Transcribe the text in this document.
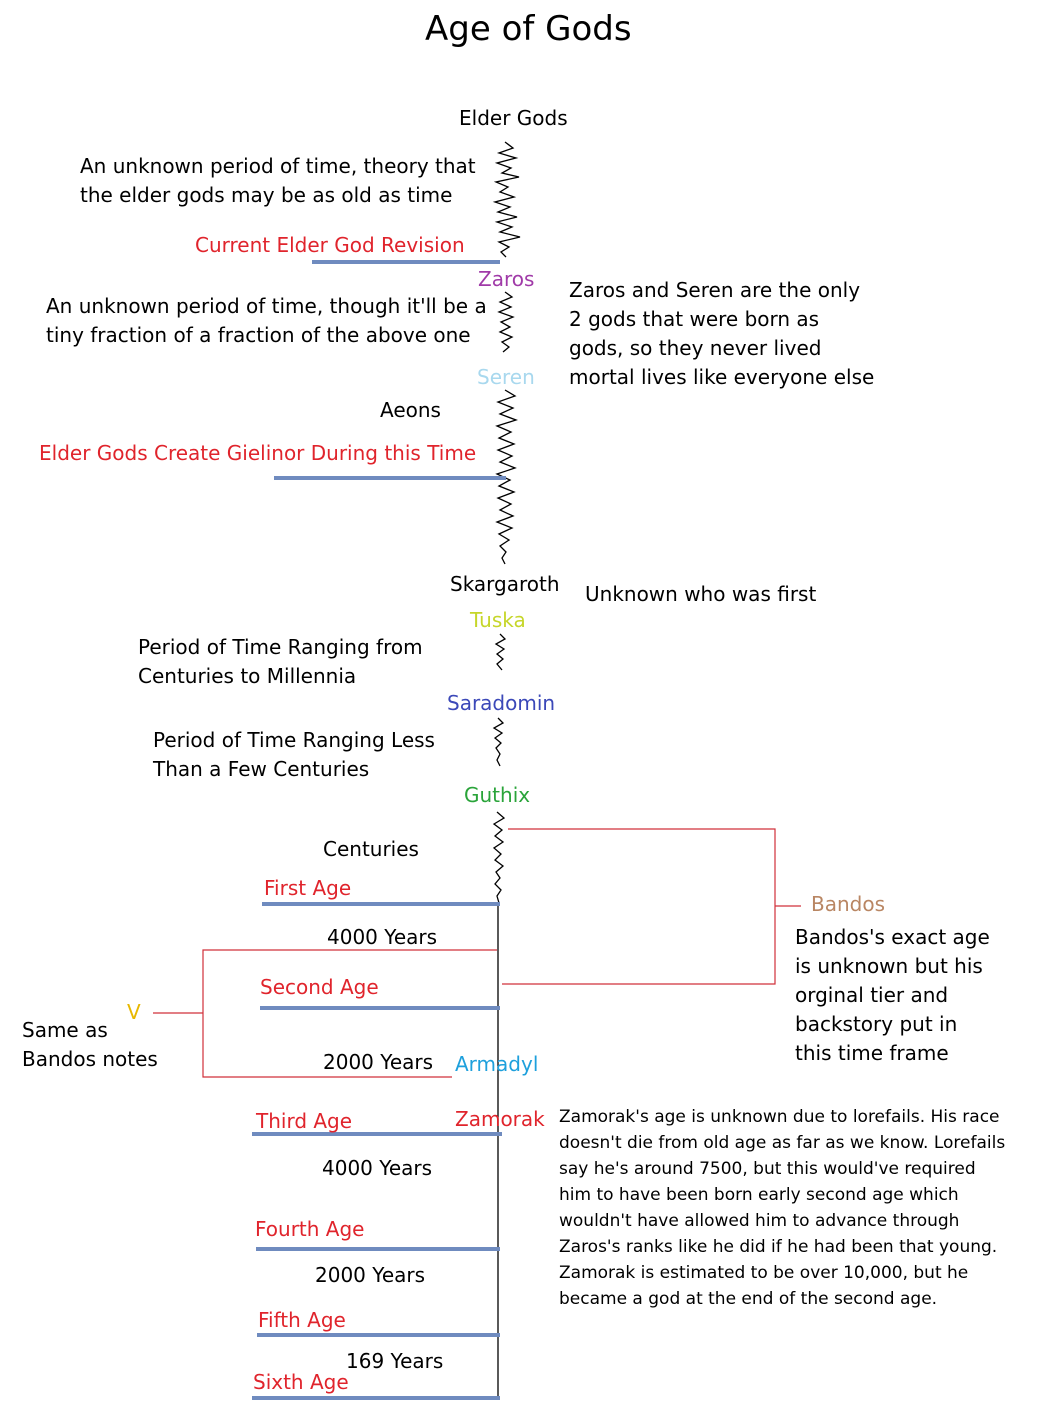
Age of Gods
Elder Gods
An unknown period of time, theory that
the elder gods may be as old as time
Current Elder God Revision
Zaros
An unknown period of time, though it'll be a
tiny fraction of a fraction of the above one
Zaros and Seren are the only
2 gods that were born as
gods, so they never lived
mortal lives like everyone else
Seren
Aeons
Elder Gods Create Gielinor During this Time
Skargaroth Unknown who was first
Tuska
Period of Time Ranging from
Centuries to Millennia
Saradomin
Period of Time Ranging Less
Than a Few Centuries
Guthix
Centuries
First Age
4000 Years
Second Age
2000 Years
Third Age
4000 Years
Fourth Age
2000 Years
Fifth Age
169 Years
Sixth Age
Bandos
Bandos's exact age
is unknown but his
orginal tier and
backstory put in
this time frame
V
Same as
Bandos notes	Armadyl
Zamorak Zamorak's age is unknown due to lorefails. His race doesn't die from old age as far as we know. Lorefails say he's around 7500, but this would've required him to have been born early second age which wouldn't have allowed him to advance through Zaros's ranks like he did if he had been that young. Zamorak is estimated to be over 10,000, but he became a god at the end of the second age.
